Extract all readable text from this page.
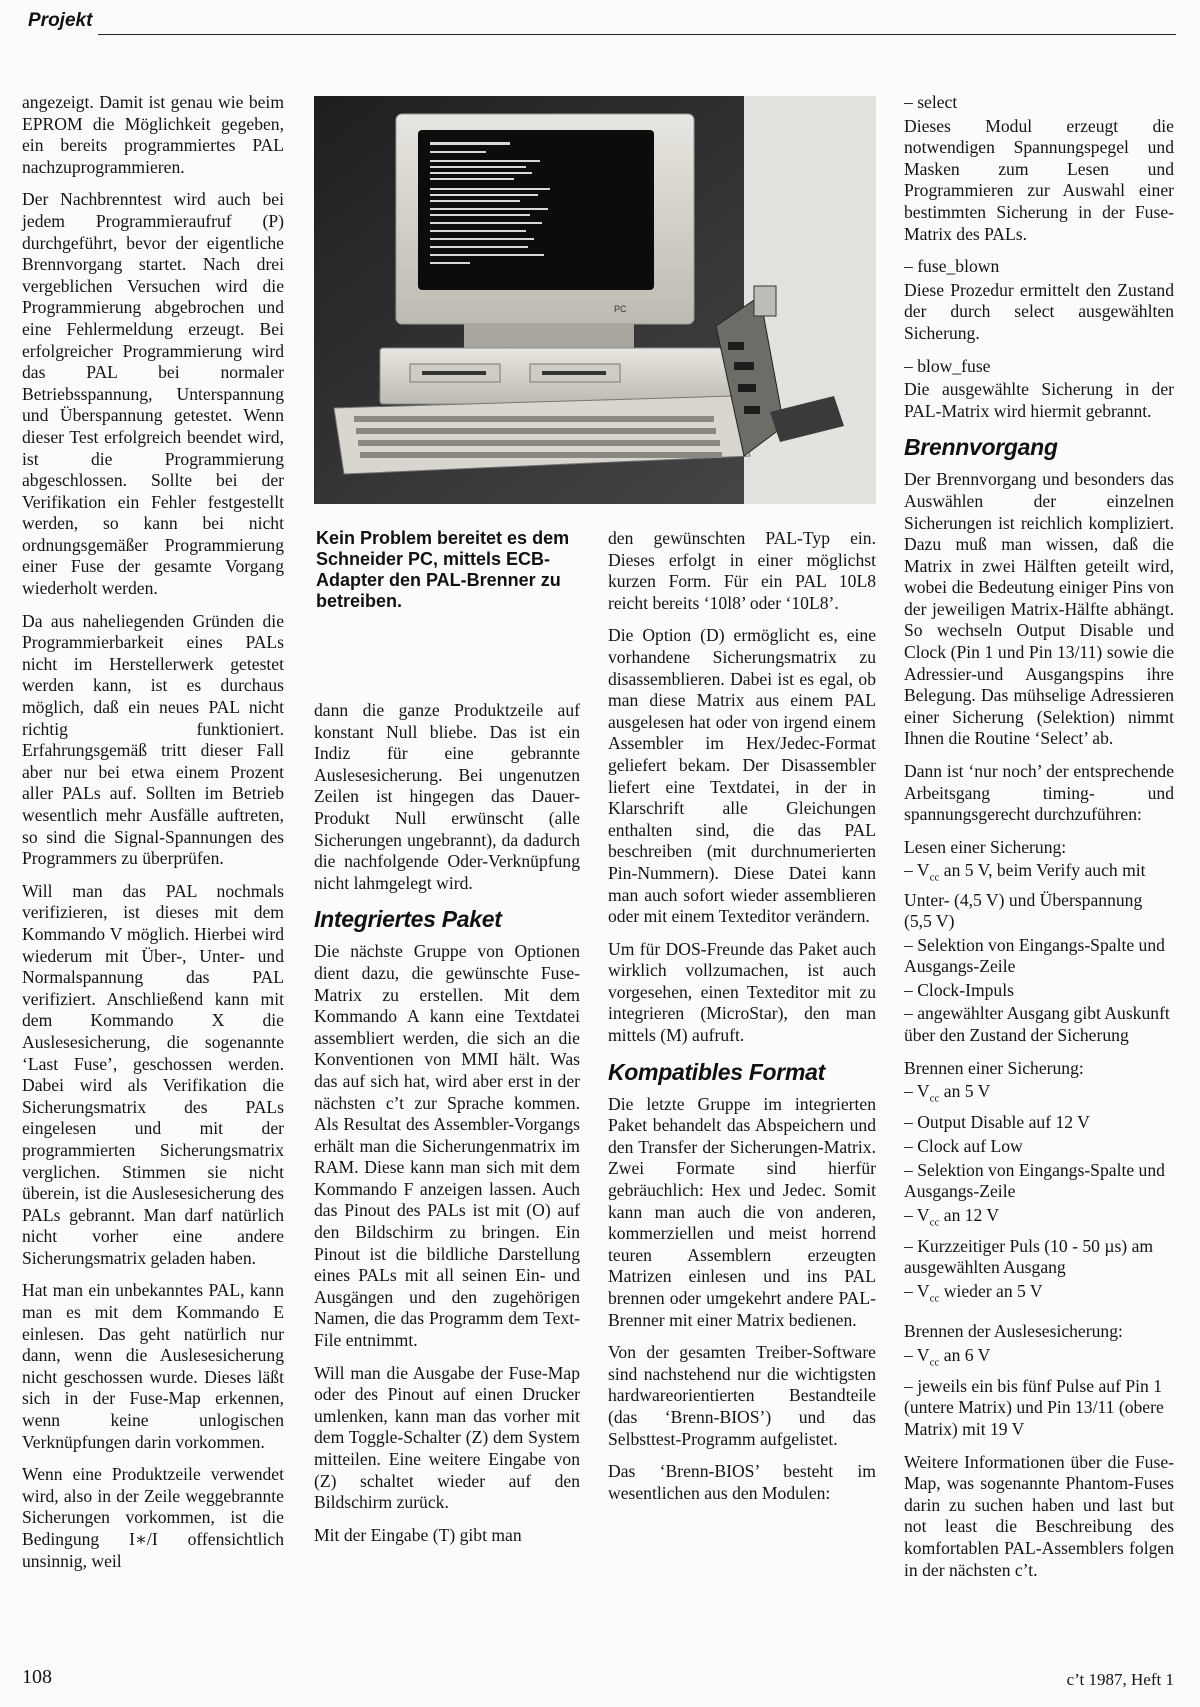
Projekt

angezeigt. Damit ist genau wie beim EPROM die Möglichkeit gegeben, ein bereits programmiertes PAL nachzuprogrammieren.

Der Nachbrenntest wird auch bei jedem Programmieraufruf (P) durchgeführt, bevor der eigentliche Brennvorgang startet. Nach drei vergeblichen Versuchen wird die Programmierung abgebrochen und eine Fehlermeldung erzeugt. Bei erfolgreicher Programmierung wird das PAL bei normaler Betriebsspannung, Unterspannung und Überspannung getestet. Wenn dieser Test erfolgreich beendet wird, ist die Programmierung abgeschlossen. Sollte bei der Verifikation ein Fehler festgestellt werden, so kann bei nicht ordnungsgemäßer Programmierung einer Fuse der gesamte Vorgang wiederholt werden.

Da aus naheliegenden Gründen die Programmierbarkeit eines PALs nicht im Herstellerwerk getestet werden kann, ist es durchaus möglich, daß ein neues PAL nicht richtig funktioniert. Erfahrungsgemäß tritt dieser Fall aber nur bei etwa einem Prozent aller PALs auf. Sollten im Betrieb wesentlich mehr Ausfälle auftreten, so sind die Signal-Spannungen des Programmers zu überprüfen.

Will man das PAL nochmals verifizieren, ist dieses mit dem Kommando V möglich. Hierbei wird wiederum mit Über-, Unter- und Normalspannung das PAL verifiziert. Anschließend kann mit dem Kommando X die Auslesesicherung, die sogenannte ‘Last Fuse’, geschossen werden. Dabei wird als Verifikation die Sicherungsmatrix des PALs eingelesen und mit der programmierten Sicherungsmatrix verglichen. Stimmen sie nicht überein, ist die Auslesesicherung des PALs gebrannt. Man darf natürlich nicht vorher eine andere Sicherungsmatrix geladen haben.

Hat man ein unbekanntes PAL, kann man es mit dem Kommando E einlesen. Das geht natürlich nur dann, wenn die Auslesesicherung nicht geschossen wurde. Dieses läßt sich in der Fuse-Map erkennen, wenn keine unlogischen Verknüpfungen darin vorkommen.

Wenn eine Produktzeile verwendet wird, also in der Zeile weggebrannte Sicherungen vorkommen, ist die Bedingung I∗/I offensichtlich unsinnig, weil

PC
Kein Problem bereitet es dem Schneider PC, mittels ECB-Adapter den PAL-Brenner zu betreiben.

dann die ganze Produktzeile auf konstant Null bliebe. Das ist ein Indiz für eine gebrannte Auslesesicherung. Bei ungenutzen Zeilen ist hingegen das Dauer-Produkt Null erwünscht (alle Sicherungen ungebrannt), da dadurch die nachfolgende Oder-Verknüpfung nicht lahmgelegt wird.

Integriertes Paket

Die nächste Gruppe von Optionen dient dazu, die gewünschte Fuse-Matrix zu erstellen. Mit dem Kommando A kann eine Textdatei assembliert werden, die sich an die Konventionen von MMI hält. Was das auf sich hat, wird aber erst in der nächsten c’t zur Sprache kommen. Als Resultat des Assembler-Vorgangs erhält man die Sicherungenmatrix im RAM. Diese kann man sich mit dem Kommando F anzeigen lassen. Auch das Pinout des PALs ist mit (O) auf den Bildschirm zu bringen. Ein Pinout ist die bildliche Darstellung eines PALs mit all seinen Ein- und Ausgängen und den zugehörigen Namen, die das Programm dem Text-File entnimmt.

Will man die Ausgabe der Fuse-Map oder des Pinout auf einen Drucker umlenken, kann man das vorher mit dem Toggle-Schalter (Z) dem System mitteilen. Eine weitere Eingabe von (Z) schaltet wieder auf den Bildschirm zurück.

Mit der Eingabe (T) gibt man

den gewünschten PAL-Typ ein. Dieses erfolgt in einer möglichst kurzen Form. Für ein PAL 10L8 reicht bereits ‘10l8’ oder ‘10L8’.

Die Option (D) ermöglicht es, eine vorhandene Sicherungsmatrix zu disassemblieren. Dabei ist es egal, ob man diese Matrix aus einem PAL ausgelesen hat oder von irgend einem Assembler im Hex/Jedec-Format geliefert bekam. Der Disassembler liefert eine Textdatei, in der in Klarschrift alle Gleichungen enthalten sind, die das PAL beschreiben (mit durchnumerierten Pin-Nummern). Diese Datei kann man auch sofort wieder assemblieren oder mit einem Texteditor verändern.

Um für DOS-Freunde das Paket auch wirklich vollzumachen, ist auch vorgesehen, einen Texteditor mit zu integrieren (MicroStar), den man mittels (M) aufruft.

Kompatibles Format

Die letzte Gruppe im integrierten Paket behandelt das Abspeichern und den Transfer der Sicherungen-Matrix. Zwei Formate sind hierfür gebräuchlich: Hex und Jedec. Somit kann man auch die von anderen, kommerziellen und meist horrend teuren Assemblern erzeugten Matrizen einlesen und ins PAL brennen oder umgekehrt andere PAL-Brenner mit einer Matrix bedienen.

Von der gesamten Treiber-Software sind nachstehend nur die wichtigsten hardwareorientierten Bestandteile (das ‘Brenn-BIOS’) und das Selbsttest-Programm aufgelistet.

Das ‘Brenn-BIOS’ besteht im wesentlichen aus den Modulen:

– select

Dieses Modul erzeugt die notwendigen Spannungspegel und Masken zum Lesen und Programmieren zur Auswahl einer bestimmten Sicherung in der Fuse-Matrix des PALs.

– fuse_blown

Diese Prozedur ermittelt den Zustand der durch select ausgewählten Sicherung.

– blow_fuse

Die ausgewählte Sicherung in der PAL-Matrix wird hiermit gebrannt.

Brennvorgang

Der Brennvorgang und besonders das Auswählen der einzelnen Sicherungen ist reichlich kompliziert. Dazu muß man wissen, daß die Matrix in zwei Hälften geteilt wird, wobei die Bedeutung einiger Pins von der jeweiligen Matrix-Hälfte abhängt. So wechseln Output Disable und Clock (Pin 1 und Pin 13/11) sowie die Adressier-und Ausgangspins ihre Belegung. Das mühselige Adressieren einer Sicherung (Selektion) nimmt Ihnen die Routine ‘Select’ ab.

Dann ist ‘nur noch’ der entsprechende Arbeitsgang timing- und spannungsgerecht durchzuführen:

Lesen einer Sicherung:

– $V_{cc}$ an 5 V, beim Verify auch mit Unter- (4,5 V) und Überspannung (5,5 V)

– Selektion von Eingangs-Spalte und Ausgangs-Zeile

– Clock-Impuls

– angewählter Ausgang gibt Auskunft über den Zustand der Sicherung

Brennen einer Sicherung:

– $V_{cc}$ an 5 V

– Output Disable auf 12 V

– Clock auf Low

– Selektion von Eingangs-Spalte und Ausgangs-Zeile

– $V_{cc}$ an 12 V

– Kurzzeitiger Puls (10 - 50 µs) am ausgewählten Ausgang

– $V_{cc}$ wieder an 5 V

Brennen der Auslesesicherung:

– $V_{cc}$ an 6 V

– jeweils ein bis fünf Pulse auf Pin 1 (untere Matrix) und Pin 13/11 (obere Matrix) mit 19 V

Weitere Informationen über die Fuse-Map, was sogenannte Phantom-Fuses darin zu suchen haben und last but not least die Beschreibung des komfortablen PAL-Assemblers folgen in der nächsten c’t.

108	c’t 1987, Heft 1
